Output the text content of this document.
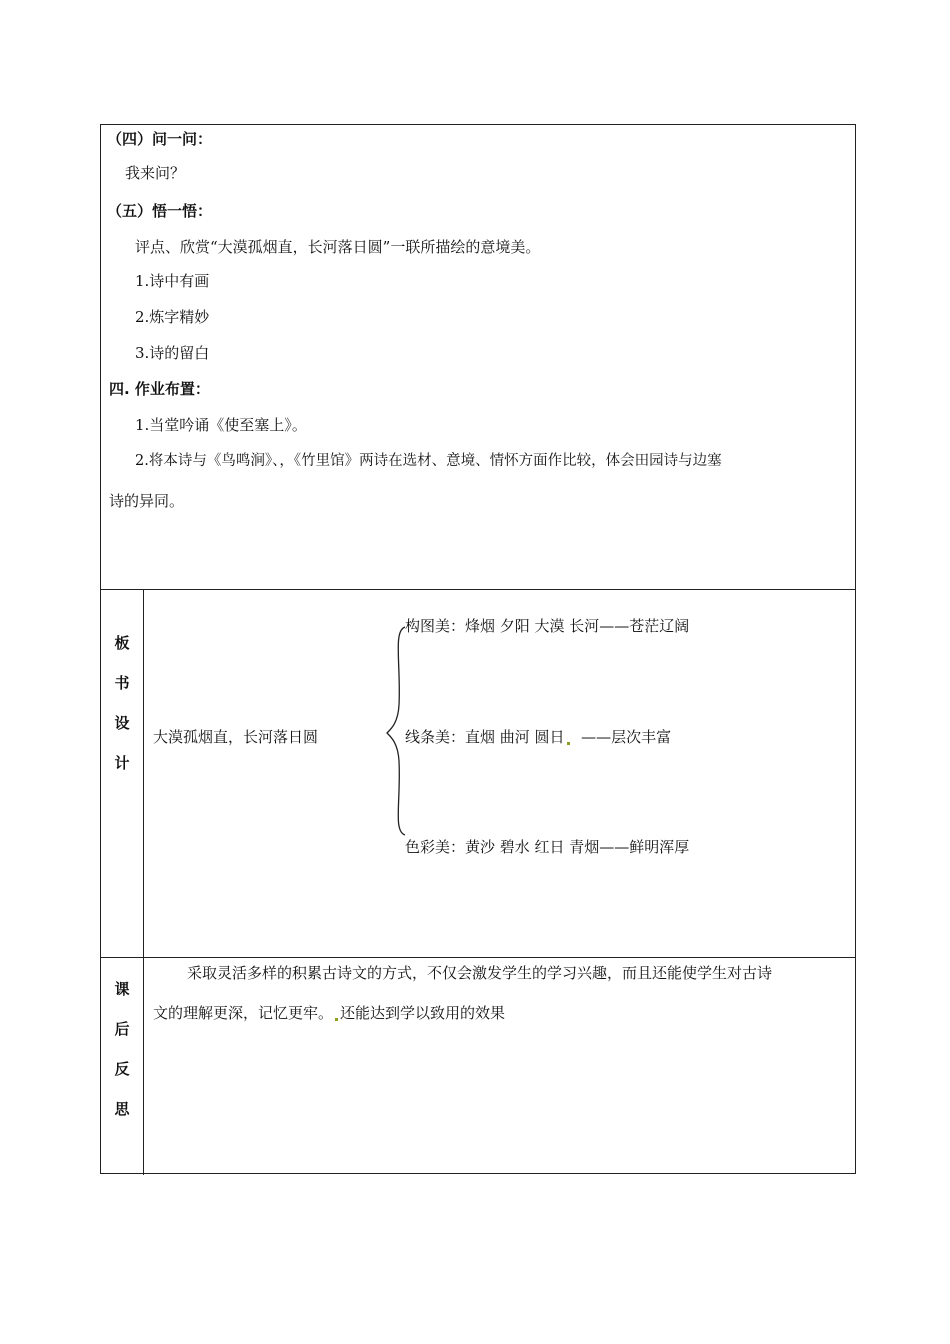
（四）问一问：
我来问？
（五）悟一悟：
评点、欣赏“大漠孤烟直，长河落日圆”一联所描绘的意境美。
1.诗中有画
2.炼字精妙
3.诗的留白
四. 作业布置：
1.当堂吟诵《使至塞上》。
2.将本诗与《鸟鸣涧》、，《竹里馆》两诗在选材、意境、情怀方面作比较，体会田园诗与边塞
诗的异同。
板
书
设
计
大漠孤烟直，长河落日圆
构图美：烽烟 夕阳 大漠 长河——苍茫辽阔
线条美：直烟 曲河 圆日 ——层次丰富
色彩美：黄沙 碧水 红日 青烟——鲜明浑厚
课
后
反
思
采取灵活多样的积累古诗文的方式，不仅会激发学生的学习兴趣，而且还能使学生对古诗
文的理解更深，记忆更牢。 还能达到学以致用的效果
